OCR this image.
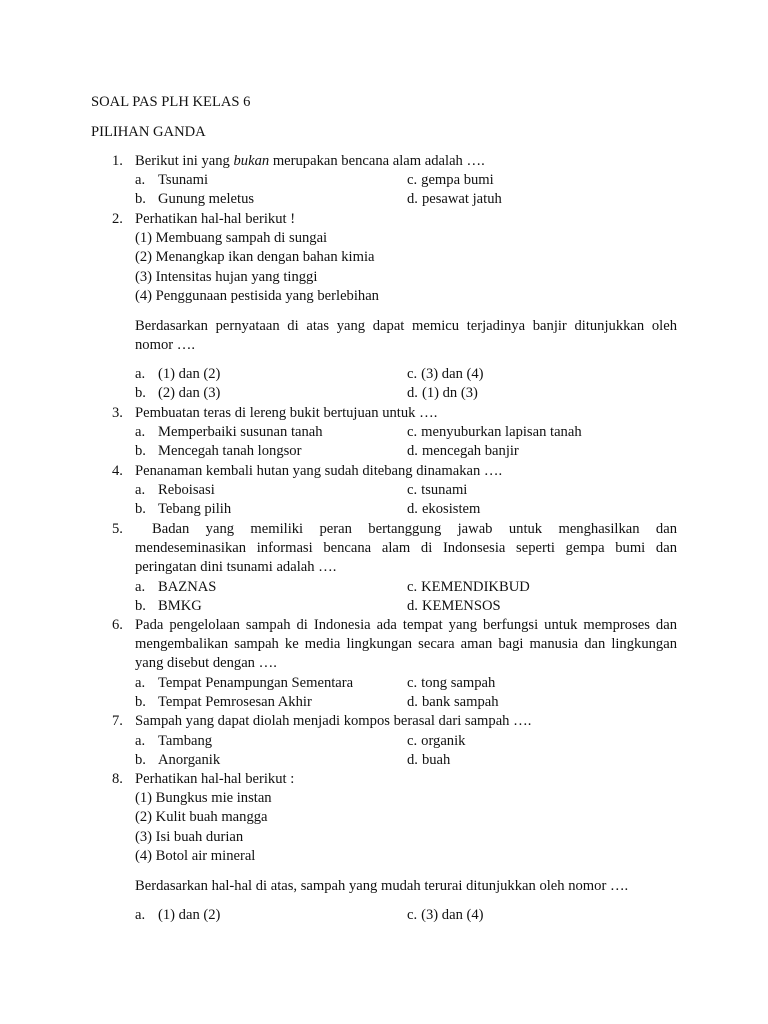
SOAL PAS PLH KELAS 6
PILIHAN GANDA
1. Berikut ini yang bukan merupakan bencana alam adalah ….
a. Tsunami	c. gempa bumi
b. Gunung meletus	d. pesawat jatuh
2. Perhatikan hal-hal berikut !
(1) Membuang sampah di sungai
(2) Menangkap ikan dengan bahan kimia
(3) Intensitas hujan yang tinggi
(4) Penggunaan pestisida yang berlebihan
Berdasarkan pernyataan di atas yang dapat memicu terjadinya banjir ditunjukkan oleh
nomor ….
a. (1) dan (2)	c. (3) dan (4)
b. (2) dan (3)	d. (1) dn (3)
3. Pembuatan teras di lereng bukit bertujuan untuk ….
a. Memperbaiki susunan tanah	c. menyuburkan lapisan tanah
b. Mencegah tanah longsor	d. mencegah banjir
4. Penanaman kembali hutan yang sudah ditebang dinamakan ….
a. Reboisasi	c. tsunami
b. Tebang pilih	d. ekosistem
5.	Badan yang memiliki peran bertanggung jawab untuk menghasilkan dan
mendeseminasikan informasi bencana alam di Indonsesia seperti gempa bumi dan
peringatan dini tsunami adalah ….
a. BAZNAS	c. KEMENDIKBUD
b. BMKG	d. KEMENSOS
6. Pada pengelolaan sampah di Indonesia ada tempat yang berfungsi untuk memproses dan
mengembalikan sampah ke media lingkungan secara aman bagi manusia dan lingkungan
yang disebut dengan ….
a. Tempat Penampungan Sementara	c. tong sampah
b. Tempat Pemrosesan Akhir	d. bank sampah
7. Sampah yang dapat diolah menjadi kompos berasal dari sampah ….
a. Tambang	c. organik
b. Anorganik	d. buah
8. Perhatikan hal-hal berikut :
(1) Bungkus mie instan
(2) Kulit buah mangga
(3) Isi buah durian
(4) Botol air mineral
Berdasarkan hal-hal di atas, sampah yang mudah terurai ditunjukkan oleh nomor ….
a. (1) dan (2)	c. (3) dan (4)
